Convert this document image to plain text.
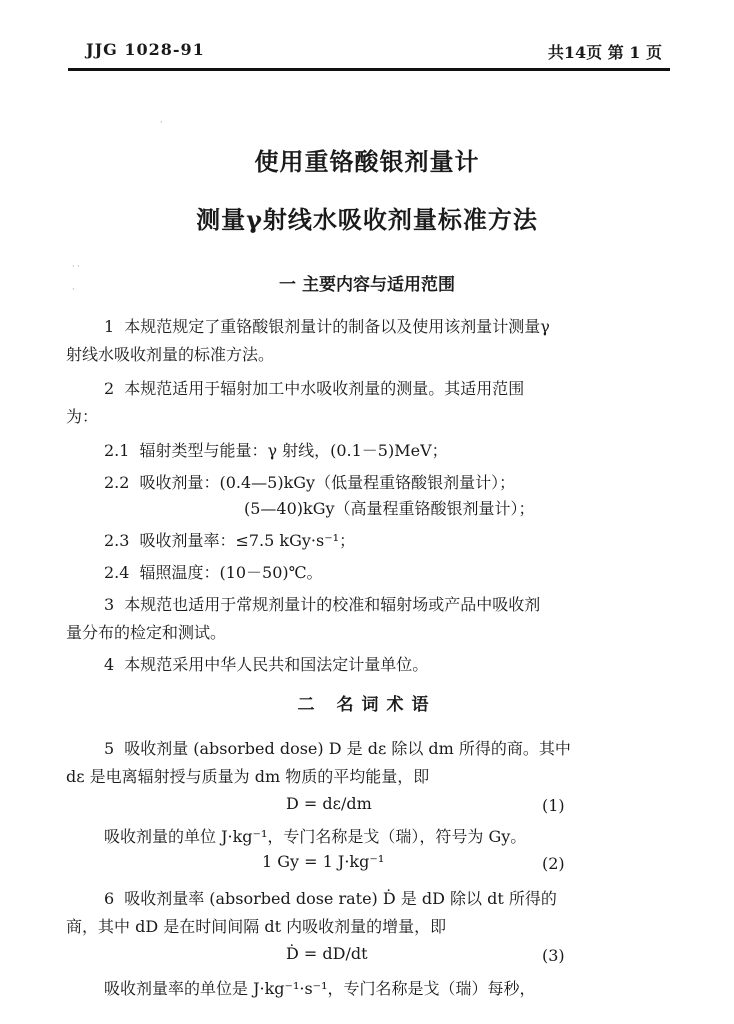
JJG 1028-91	共14页 第 1 页
·
· ·
·
使用重铬酸银剂量计
测量γ射线水吸收剂量标准方法
一 主要内容与适用范围
1 本规范规定了重铬酸银剂量计的制备以及使用该剂量计测量γ
射线水吸收剂量的标准方法。
2 本规范适用于辐射加工中水吸收剂量的测量。其适用范围
为：
2.1 辐射类型与能量：γ 射线，(0.1－5)MeV；
2.2 吸收剂量：(0.4—5)kGy（低量程重铬酸银剂量计）；
(5—40)kGy（高量程重铬酸银剂量计）；
2.3 吸收剂量率：≤7.5 kGy·s⁻¹；
2.4 辐照温度：(10－50)℃。
3 本规范也适用于常规剂量计的校准和辐射场或产品中吸收剂
量分布的检定和测试。
4 本规范采用中华人民共和国法定计量单位。
二 名词术语
5 吸收剂量 (absorbed dose) D 是 dε 除以 dm 所得的商。其中
dε 是电离辐射授与质量为 dm 物质的平均能量，即
D = dε/dm	(1)
吸收剂量的单位 J·kg⁻¹，专门名称是戈（瑞），符号为 Gy。
1 Gy = 1 J·kg⁻¹	(2)
6 吸收剂量率 (absorbed dose rate) Ḋ 是 dD 除以 dt 所得的
商，其中 dD 是在时间间隔 dt 内吸收剂量的增量，即
Ḋ = dD/dt	(3)
吸收剂量率的单位是 J·kg⁻¹·s⁻¹，专门名称是戈（瑞）每秒，
